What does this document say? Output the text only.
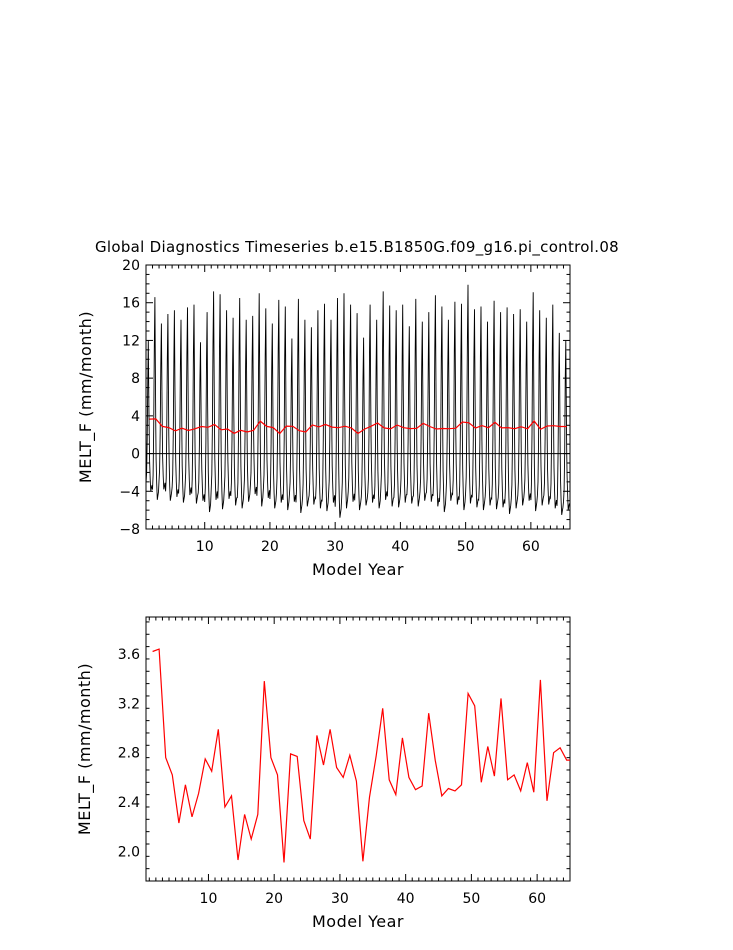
Global Diagnostics Timeseries b.e15.B1850G.f09_g16.pi_control.08
10	20	30	40	50	60
−8
−4
0
4
8
12
16
20
Model Year
MELT_F (mm/month)
10	20	30	40	50	60
2.0
2.4
2.8
3.2
3.6
Model Year
MELT_F (mm/month)
